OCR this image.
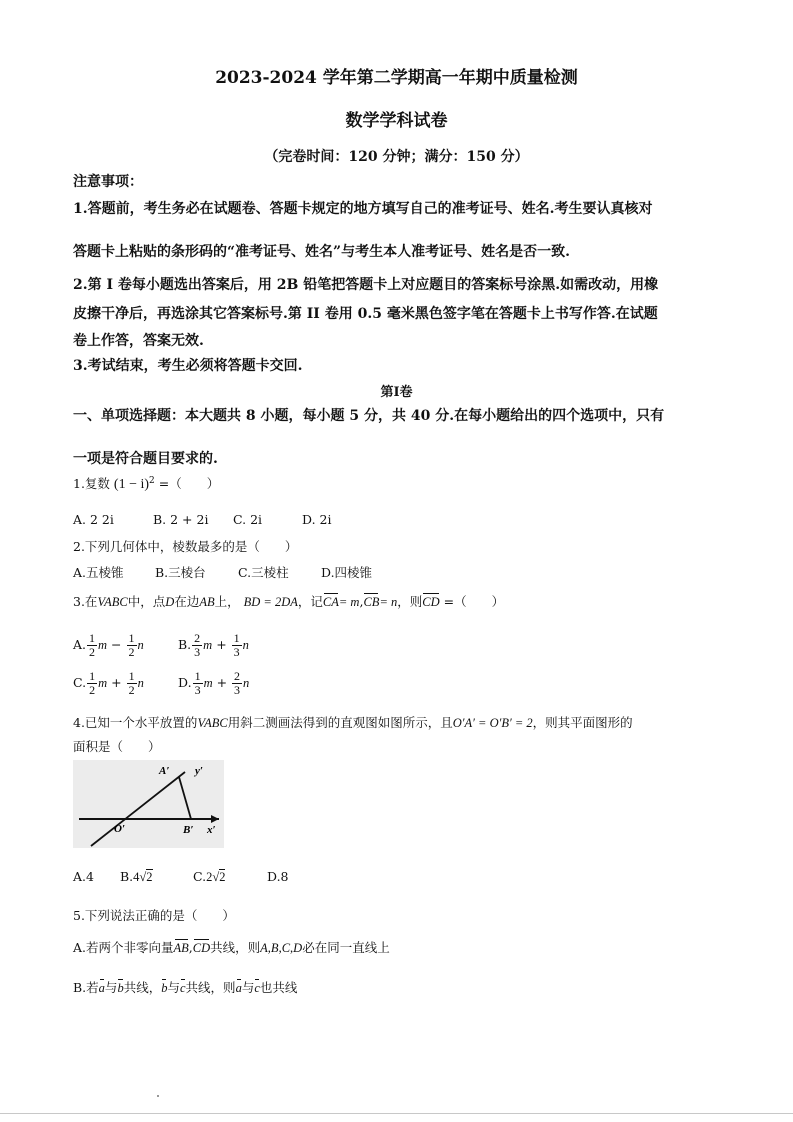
2023-2024 学年第二学期高一年期中质量检测
数学学科试卷
（完卷时间：120 分钟；满分：150 分）
注意事项：
1.答题前，考生务必在试题卷、答题卡规定的地方填写自己的准考证号、姓名.考生要认真核对
答题卡上粘贴的条形码的“准考证号、姓名”与考生本人准考证号、姓名是否一致.
2.第 I 卷每小题选出答案后，用 2B 铅笔把答题卡上对应题目的答案标号涂黑.如需改动，用橡
皮擦干净后，再选涂其它答案标号.第 II 卷用 0.5 毫米黑色签字笔在答题卡上书写作答.在试题
卷上作答，答案无效.
3.考试结束，考生必须将答题卡交回.
第I卷
一、单项选择题：本大题共 8 小题，每小题 5 分，共 40 分.在每小题给出的四个选项中，只有
一项是符合题目要求的.
1.复数 $(1 - i)^2$ =（　　）
A. 2 2i	B. 2 + 2i C. 2i	D. 2i
2.下列几何体中，棱数最多的是（　　）
A.五棱锥	B.三棱台	C.三棱柱	D.四棱锥
3.在VABC中，点D在边AB上， BD = 2DA，记CA= m,CB= n，则CD =（　　）
A. $\frac{1}{2}$ $m - \frac{1}{2}$ n	B. $\frac{2}{3}$ $m + \frac{1}{3}$ n
C. $\frac{1}{2}$ $m + \frac{1}{2}$ n	D. $\frac{1}{3}$ $m + \frac{2}{3}$ n
4.已知一个水平放置的VABC用斜二测画法得到的直观图如图所示，且O′A′ = O′B′ = 2，则其平面图形的
面积是（　　）
A′ y′
O′	B′ x′
A.4 B.4√2	C.2√2	D.8
5.下列说法正确的是（　　）
A.若两个非零向量AB,CD共线，则A,B,C,D必在同一直线上
B.若a与b共线，b与c共线，则a与c也共线
